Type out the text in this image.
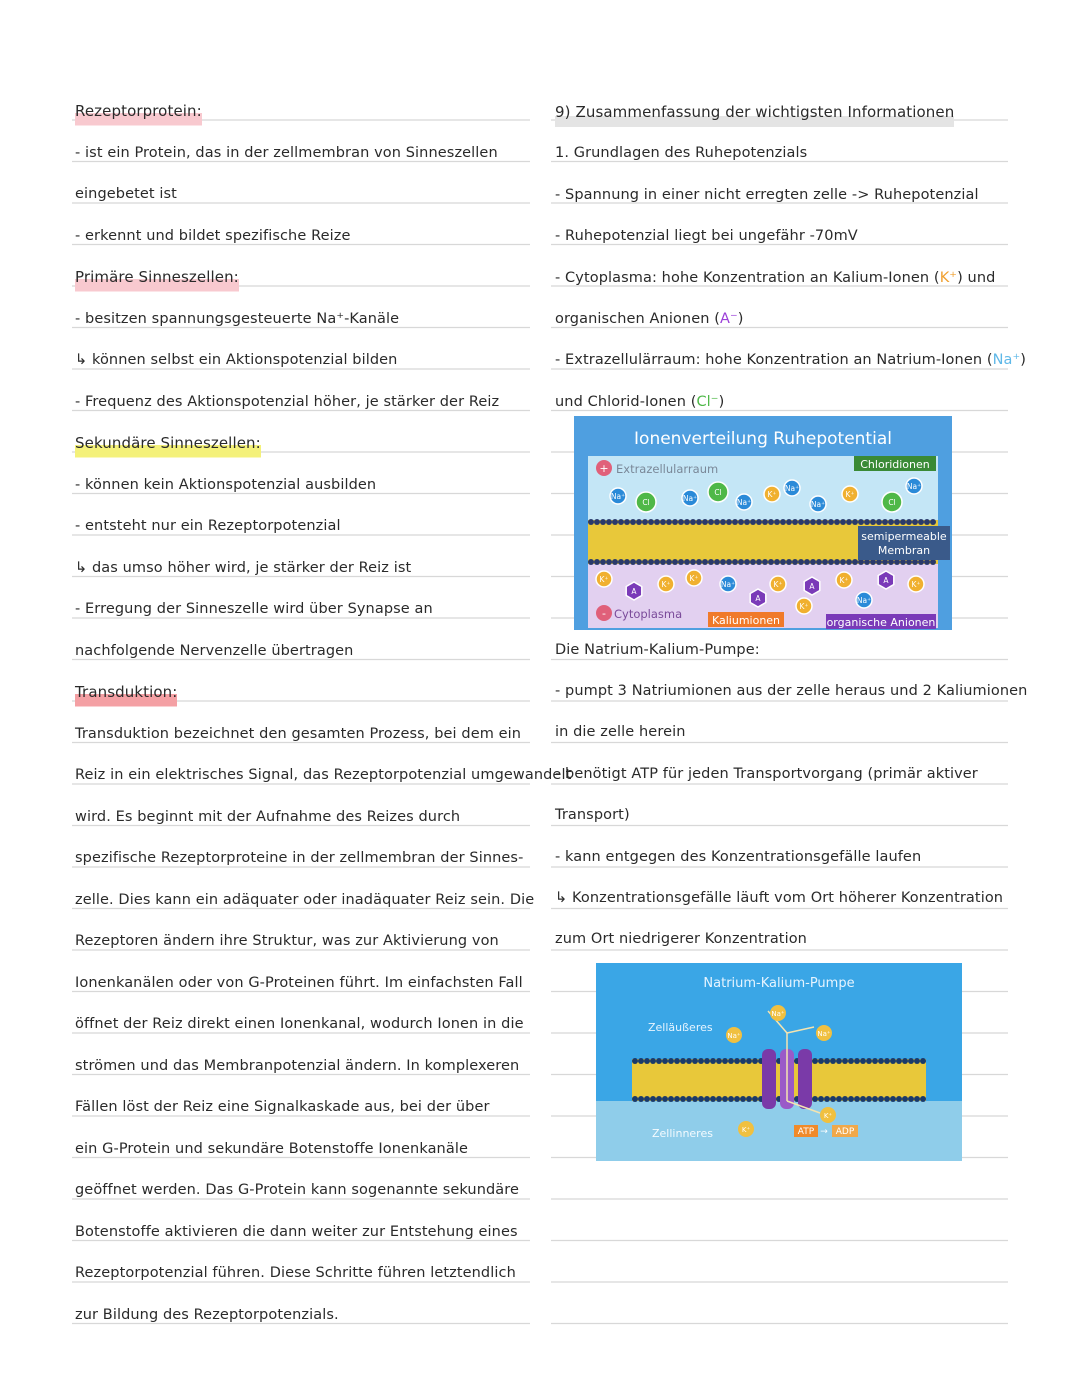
Rezeptorprotein:
- ist ein Protein, das in der zellmembran von Sinneszellen
eingebetet ist
- erkennt und bildet spezifische Reize
Primäre Sinneszellen:
- besitzen spannungsgesteuerte Na⁺-Kanäle
↳ können selbst ein Aktionspotenzial bilden
- Frequenz des Aktionspotenzial höher, je stärker der Reiz
Sekundäre Sinneszellen:
- können kein Aktionspotenzial ausbilden
- entsteht nur ein Rezeptorpotenzial
↳ das umso höher wird, je stärker der Reiz ist
- Erregung der Sinneszelle wird über Synapse an
nachfolgende Nervenzelle übertragen
Transduktion:
Transduktion bezeichnet den gesamten Prozess, bei dem ein
Reiz in ein elektrisches Signal, das Rezeptorpotenzial umgewandelt
wird. Es beginnt mit der Aufnahme des Reizes durch
spezifische Rezeptorproteine in der zellmembran der Sinnes-
zelle. Dies kann ein adäquater oder inadäquater Reiz sein. Die
Rezeptoren ändern ihre Struktur, was zur Aktivierung von
Ionenkanälen oder von G-Proteinen führt. Im einfachsten Fall
öffnet der Reiz direkt einen Ionenkanal, wodurch Ionen in die
strömen und das Membranpotenzial ändern. In komplexeren
Fällen löst der Reiz eine Signalkaskade aus, bei der über
ein G-Protein und sekundäre Botenstoffe Ionenkanäle
geöffnet werden. Das G-Protein kann sogenannte sekundäre
Botenstoffe aktivieren die dann weiter zur Entstehung eines
Rezeptorpotenzial führen. Diese Schritte führen letztendlich
zur Bildung des Rezeptorpotenzials.
9) Zusammenfassung der wichtigsten Informationen
1. Grundlagen des Ruhepotenzials
- Spannung in einer nicht erregten zelle -> Ruhepotenzial
- Ruhepotenzial liegt bei ungefähr -70mV
- Cytoplasma: hohe Konzentration an Kalium-Ionen (K⁺) und
organischen Anionen (A⁻)
- Extrazellulärraum: hohe Konzentration an Natrium-Ionen (Na⁺)
und Chlorid-Ionen (Cl⁻)
Die Natrium-Kalium-Pumpe:
- pumpt 3 Natriumionen aus der zelle heraus und 2 Kaliumionen
in die zelle herein
- benötigt ATP für jeden Transportvorgang (primär aktiver
Transport)
- kann entgegen des Konzentrationsgefälle laufen
↳ Konzentrationsgefälle läuft vom Ort höherer Konzentration
zum Ort niedrigerer Konzentration
Ionenverteilung Ruhepotential
+ Extrazellularraum	Chloridionen
Na⁺
Cl	Na⁺
Cl
Na⁺
K⁺
Na⁺
Na⁺
K⁺
Cl
Na⁺
semipermeable
Membran
K⁺
A
K⁺
K⁺
Na⁺
A
K⁺	A
K⁺
Na⁺
A	K⁺
K⁺
- Cytoplasma	Kaliumionen	organische Anionen
Natrium-Kalium-Pumpe
Zelläußeres
Zellinneres
Na⁺
Na⁺
Na⁺
K⁺
K⁺
ATP → ADP
